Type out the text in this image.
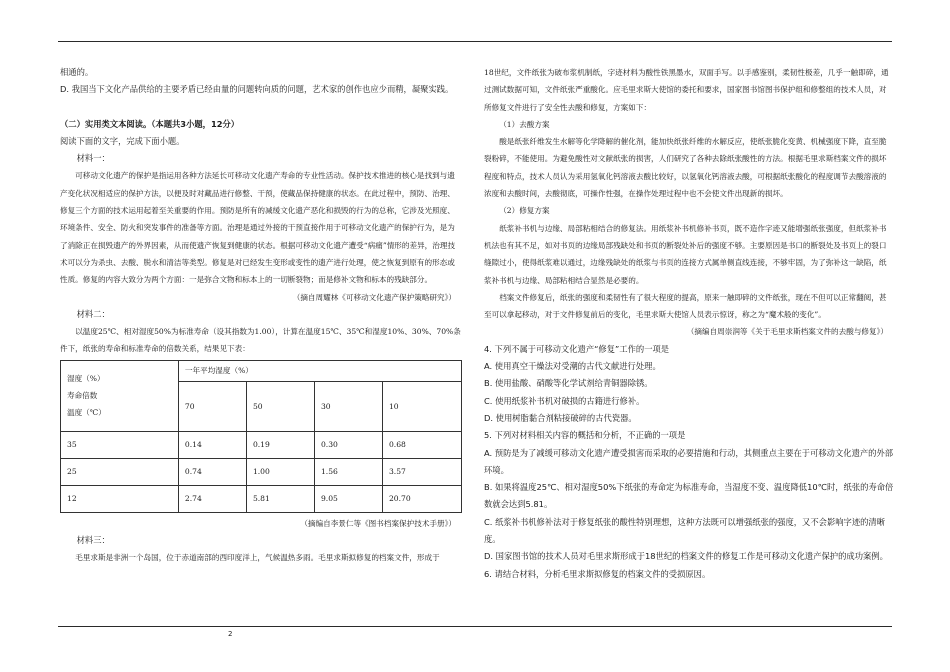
相通的。

D. 我国当下文化产品供给的主要矛盾已经由量的问题转向质的问题，艺术家的创作也应少而精，凝聚实践。

（二）实用类文本阅读。（本题共3小题，12分）

阅读下面的文字，完成下面小题。

材料一：

可移动文化遗产的保护是指运用各种方法延长可移动文化遗产寿命的专业性活动。保护技术推进的核心是找到与遗产变化状况相适应的保护方法，以便及时对藏品进行修整、干预，使藏品保持健康的状态。在此过程中，预防、治理、修复三个方面的技术运用起着至关重要的作用。预防是所有的减缓文化遗产恶化和损毁的行为的总称，它涉及光照度、环境条件、安全、防火和突发事件的准备等方面。治理是通过外接的干预直接作用于可移动文化遗产的保护行为，是为了消除正在损毁遗产的外界因素，从而使遗产恢复到健康的状态。根据可移动文化遗产遭受“病痛”情形的差异，治理技术可以分为杀虫、去酸、脱水和清洁等类型。修复是对已经发生变形或变性的遗产进行处理，使之恢复到原有的形态或性质。修复的内容大致分为两个方面：一是弥合文物和标本上的一切断裂物；而是修补文物和标本的残缺部分。

（摘自周耀林《可移动文化遗产保护策略研究》）

材料二：

以温度25℃、相对湿度50%为标准寿命（设其指数为1.00），计算在温度15℃、35℃和湿度10%、30%、70%条件下，纸张的寿命和标准寿命的倍数关系，结果见下表：

湿度（%）
寿命倍数
温度（℃）	一年平均湿度（%）			
	70	50	30	10
35	0.14	0.19	0.30	0.68
25	0.74	1.00	1.56	3.57
12	2.74	5.81	9.05	20.70

（摘编自李景仁等《图书档案保护技术手册》）

材料三：

毛里求斯是非洲一个岛国，位于赤道南部的西印度洋上，气候温热多雨。毛里求斯拟修复的档案文件，形成于

18世纪，文件纸张为破布浆机制纸，字迹材料为酸性铁黑墨水，双面手写。以手感鉴别，柔韧性极差，几乎一触即碎，通过测试数据可知，文件纸张严重酸化。应毛里求斯大使馆的委托和要求，国家图书馆图书保护组和修整组的技术人员，对所修复文件进行了安全性去酸和修复，方案如下：

（1）去酸方案

酸是纸张纤维发生水解等化学降解的催化剂，能加快纸张纤维的水解反应，使纸张脆化变黄、机械强度下降，直至脆裂粉碎，不能使用。为避免酸性对文献纸张的损害，人们研究了各种去除纸张酸性的方法。根据毛里求斯档案文件的损坏程度和特点，技术人员认为采用氢氧化钙溶液去酸比较好，以氢氧化钙溶液去酸，可根据纸张酸化的程度调节去酸溶液的浓度和去酸时间，去酸彻底，可操作性强，在操作处理过程中也不会使文件出现新的损坏。

（2）修复方案

纸浆补书机与边缘、局部粘相结合的修复法。用纸浆补书机修补书页，既不造作字迹又能增强纸张强度，但纸浆补书机法也有其不足，如对书页的边缘局部残缺处和书页的断裂处补后的强度不够。主要原因是书口的断裂处及书页上的裂口缝隙过小，使得纸浆难以通过，边缘残缺处的纸浆与书页的连接方式属单侧直线连接，不够牢固，为了弥补这一缺陷，纸浆补书机与边缘、局部粘相结合显然是必要的。

档案文件修复后，纸张的强度和柔韧性有了很大程度的提高，原来一触即碎的文件纸张，现在不但可以正常翻阅，甚至可以拿起移动，对于文件修复前后的变化，毛里求斯大使馆人员表示惊讶，称之为“魔术般的变化”。

（摘编自周崇润等《关于毛里求斯档案文件的去酸与修复》）

4. 下列不属于可移动文化遗产“修复”工作的一项是

A. 使用真空干燥法对受潮的古代文献进行处理。

B. 使用盐酸、硝酸等化学试剂给青铜器除锈。

C. 使用纸浆补书机对破损的古籍进行修补。

D. 使用树脂黏合剂粘接破碎的古代瓷器。

5. 下列对材料相关内容的概括和分析，不正确的一项是

A. 预防是为了减缓可移动文化遗产遭受损害而采取的必要措施和行动，其侧重点主要在于可移动文化遗产的外部环境。

B. 如果将温度25℃、相对湿度50%下纸张的寿命定为标准寿命，当湿度不变、温度降低10℃时，纸张的寿命倍数就会达到5.81。

C. 纸浆补书机修补法对于修复纸张的酸性特别理想，这种方法既可以增强纸张的强度，又不会影响字迹的清晰度。

D. 国家图书馆的技术人员对毛里求斯形成于18世纪的档案文件的修复工作是可移动文化遗产保护的成功案例。

6. 请结合材料，分析毛里求斯拟修复的档案文件的受损原因。

2
